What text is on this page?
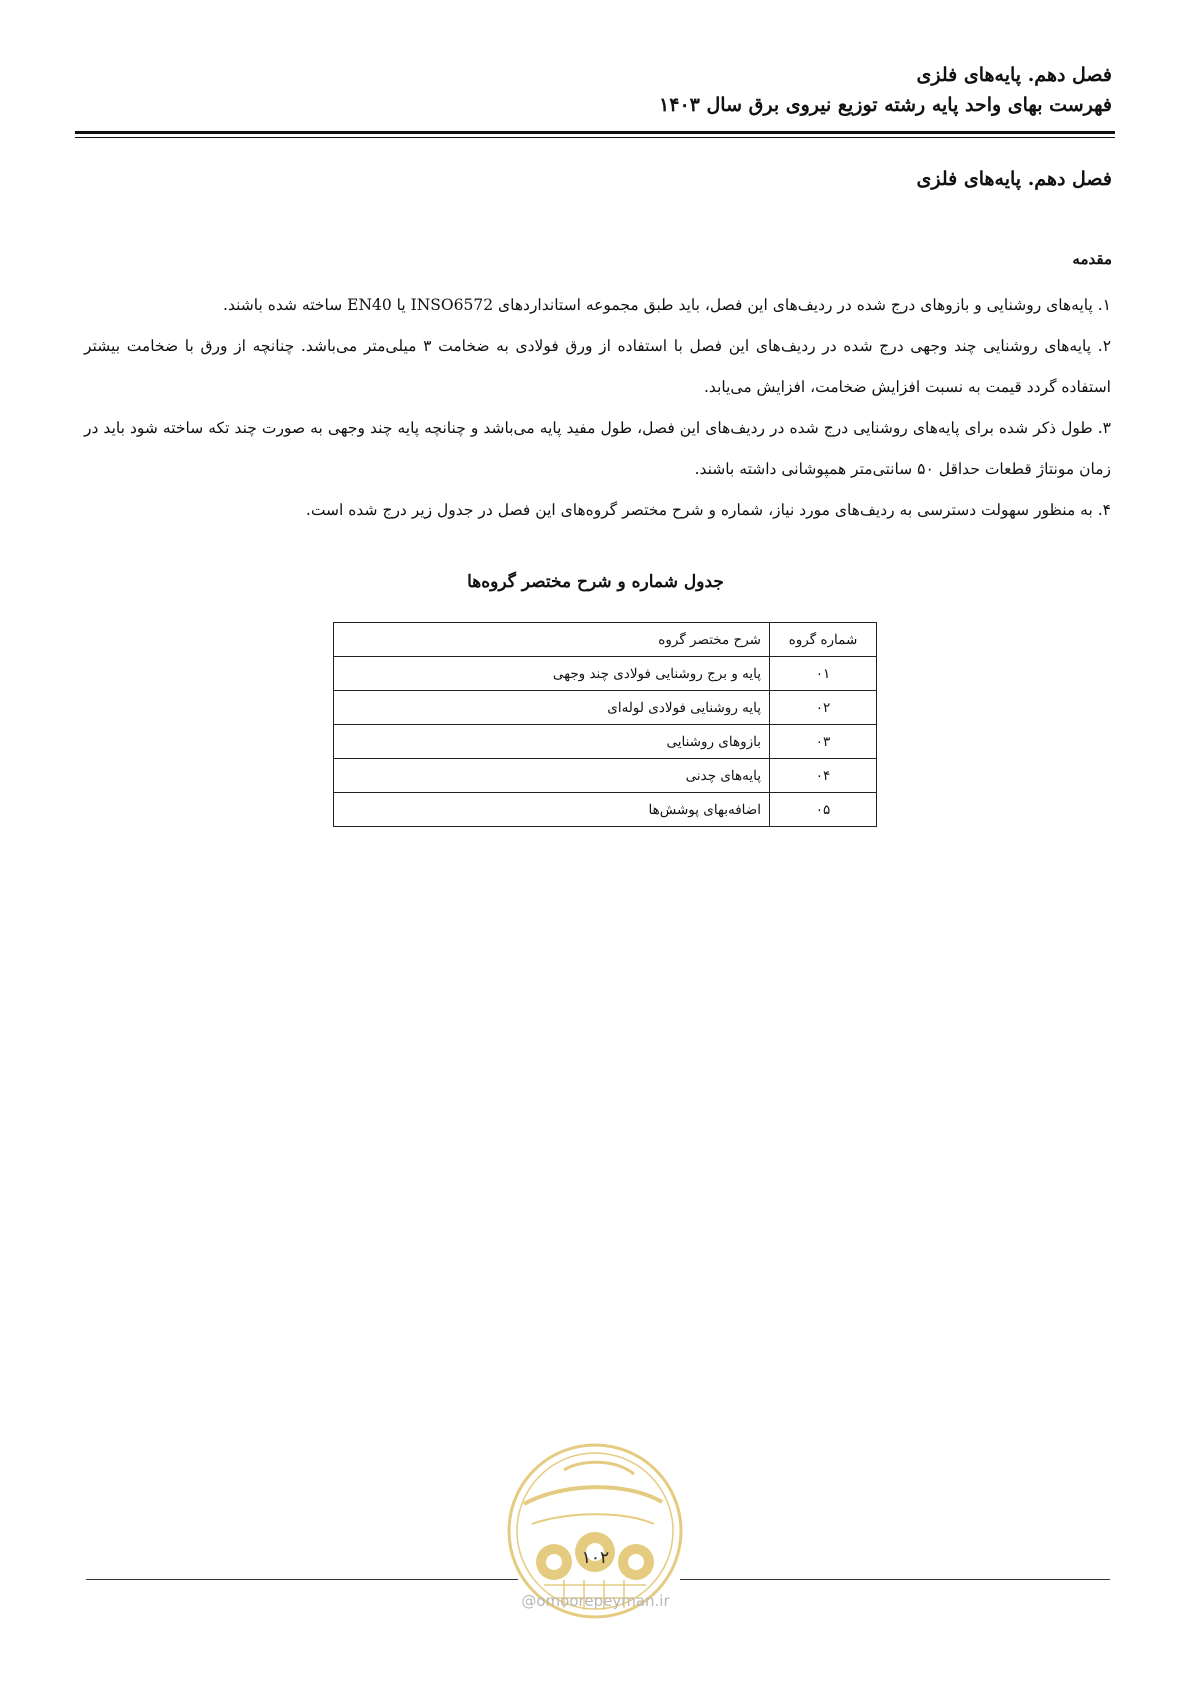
فصل دهم. پایه‌های فلزی
فهرست بهای واحد پایه رشته توزیع نیروی برق سال ۱۴۰۳
فصل دهم. پایه‌های فلزی
مقدمه

۱. پایه‌های روشنایی و بازوهای درج شده در ردیف‌های این فصل، باید طبق مجموعه استانداردهای INSO6572 یا EN40 ساخته شده باشند.

۲. پایه‌های روشنایی چند وجهی درج شده در ردیف‌های این فصل با استفاده از ورق فولادی به ضخامت ۳ میلی‌متر می‌باشد. چنانچه از ورق با ضخامت بیشتر استفاده گردد قیمت به نسبت افزایش ضخامت، افزایش می‌یابد.

۳. طول ذکر شده برای پایه‌های روشنایی درج شده در ردیف‌های این فصل، طول مفید پایه می‌باشد و چنانچه پایه چند وجهی به صورت چند تکه ساخته شود باید در زمان مونتاژ قطعات حداقل ۵۰ سانتی‌متر همپوشانی داشته باشند.

۴. به منظور سهولت دسترسی به ردیف‌های مورد نیاز، شماره و شرح مختصر گروه‌های این فصل در جدول زیر درج شده است.

جدول شماره و شرح مختصر گروه‌ها
شماره گروه	شرح مختصر گروه
۰۱	پایه و برج روشنایی فولادی چند وجهی
۰۲	پایه روشنایی فولادی لوله‌ای
۰۳	بازوهای روشنایی
۰۴	پایه‌های چدنی
۰۵	اضافه‌بهای پوشش‌ها
۱۰۲
@omoorepeyman.ir
